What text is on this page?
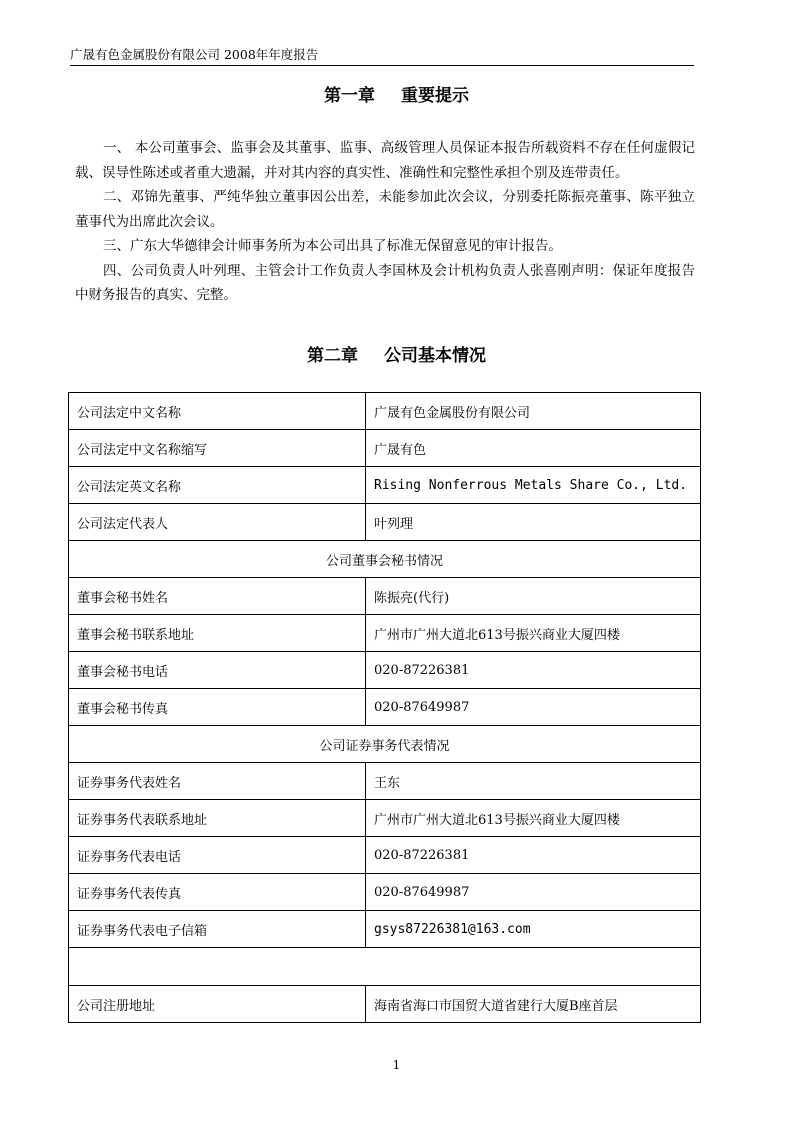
广晟有色金属股份有限公司 2008年年度报告
第一章 重要提示

一、 本公司董事会、监事会及其董事、监事、高级管理人员保证本报告所载资料不存在任何虚假记载、误导性陈述或者重大遗漏，并对其内容的真实性、准确性和完整性承担个别及连带责任。

二、邓锦先董事、严纯华独立董事因公出差，未能参加此次会议，分别委托陈振亮董事、陈平独立董事代为出席此次会议。

三、广东大华德律会计师事务所为本公司出具了标准无保留意见的审计报告。

四、公司负责人叶列理、主管会计工作负责人李国林及会计机构负责人张喜刚声明：保证年度报告中财务报告的真实、完整。

第二章 公司基本情况
公司法定中文名称	广晟有色金属股份有限公司
公司法定中文名称缩写	广晟有色
公司法定英文名称	Rising Nonferrous Metals Share Co., Ltd.
公司法定代表人	叶列理
公司董事会秘书情况	
董事会秘书姓名	陈振亮(代行)
董事会秘书联系地址	广州市广州大道北613号振兴商业大厦四楼
董事会秘书电话	020-87226381
董事会秘书传真	020-87649987
公司证券事务代表情况	
证券事务代表姓名	王东
证券事务代表联系地址	广州市广州大道北613号振兴商业大厦四楼
证券事务代表电话	020-87226381
证券事务代表传真	020-87649987
证券事务代表电子信箱	gsys87226381@163.com

公司注册地址	海南省海口市国贸大道省建行大厦B座首层
1
